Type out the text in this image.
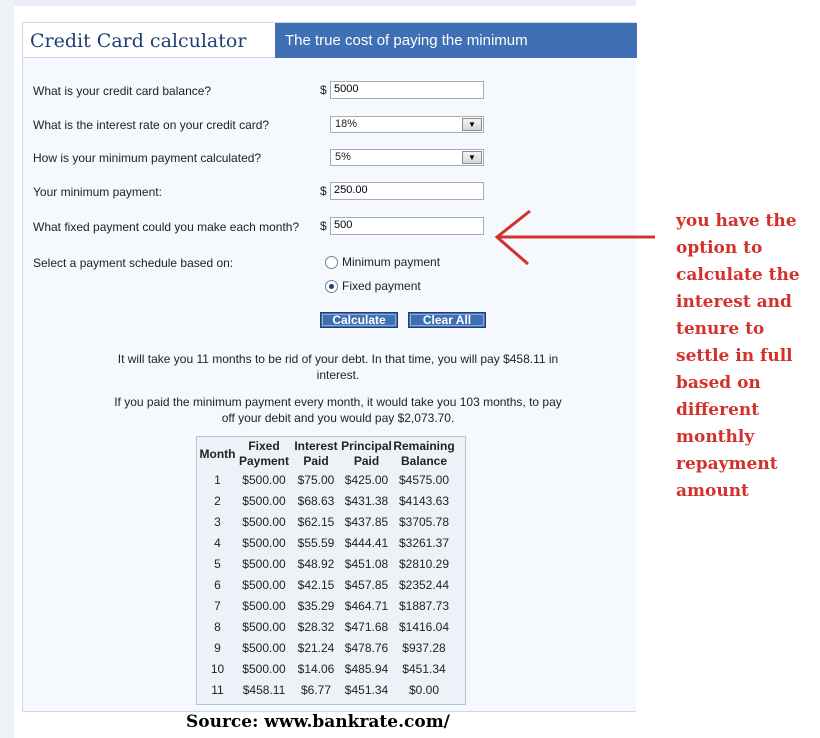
Credit Card calculator	The true cost of paying the minimum
What is your credit card balance?	$ 5000
What is the interest rate on your credit card?	18%	▼
How is your minimum payment calculated?	5%	▼
Your minimum payment:	$ 250.00
What fixed payment could you make each month? $ 500
Select a payment schedule based on:	Minimum payment
Fixed payment
Calculate	Clear All
It will take you 11 months to be rid of your debt. In that time, you will pay $458.11 in interest.
If you paid the minimum payment every month, it would take you 103 months, to pay off your debit and you would pay $2,073.70.
Month	Fixed Payment	Interest Paid	Principal Paid	Remaining Balance
1	$500.00	$75.00	$425.00	$4575.00
2	$500.00	$68.63	$431.38	$4143.63
3	$500.00	$62.15	$437.85	$3705.78
4	$500.00	$55.59	$444.41	$3261.37
5	$500.00	$48.92	$451.08	$2810.29
6	$500.00	$42.15	$457.85	$2352.44
7	$500.00	$35.29	$464.71	$1887.73
8	$500.00	$28.32	$471.68	$1416.04
9	$500.00	$21.24	$478.76	$937.28
10	$500.00	$14.06	$485.94	$451.34
11	$458.11	$6.77	$451.34	$0.00
you have the option to calculate the interest and tenure to settle in full based on different monthly repayment amount
Source: www.bankrate.com/
